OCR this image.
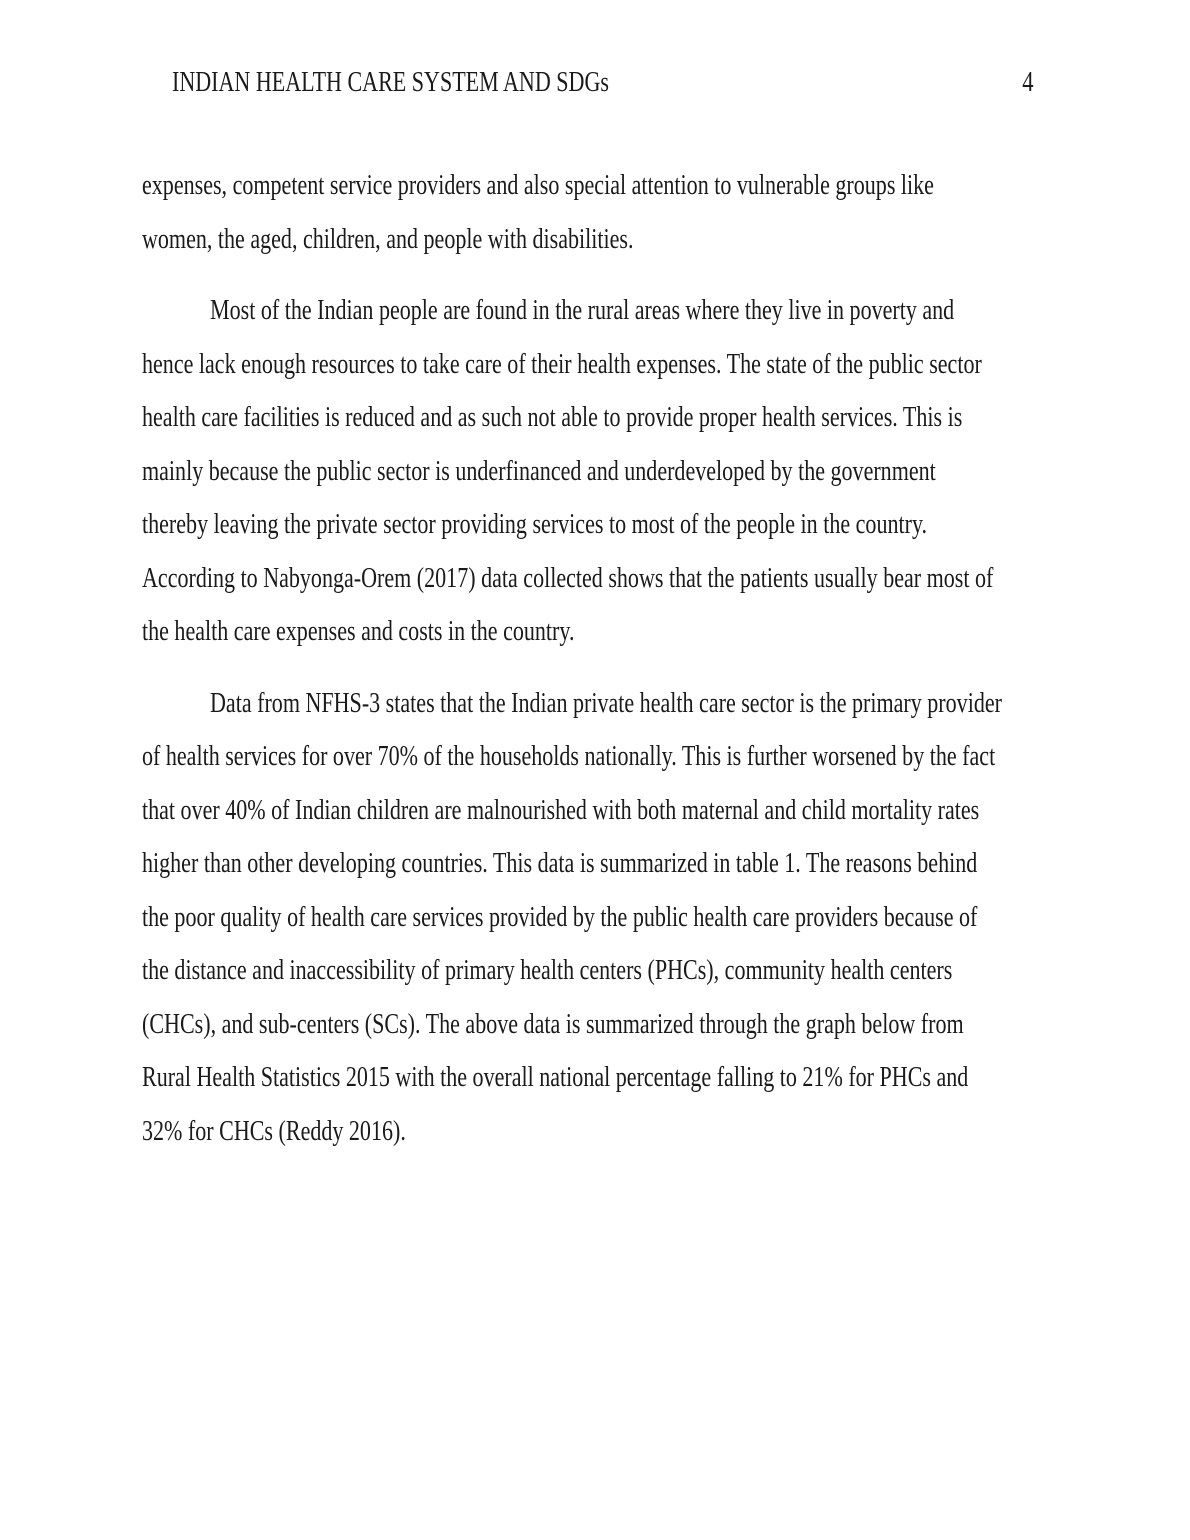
INDIAN HEALTH CARE SYSTEM AND SDGs	4
expenses, competent service providers and also special attention to vulnerable groups like
women, the aged, children, and people with disabilities.
Most of the Indian people are found in the rural areas where they live in poverty and
hence lack enough resources to take care of their health expenses. The state of the public sector
health care facilities is reduced and as such not able to provide proper health services. This is
mainly because the public sector is underfinanced and underdeveloped by the government
thereby leaving the private sector providing services to most of the people in the country.
According to Nabyonga-Orem (2017) data collected shows that the patients usually bear most of
the health care expenses and costs in the country.
Data from NFHS-3 states that the Indian private health care sector is the primary provider
of health services for over 70% of the households nationally. This is further worsened by the fact
that over 40% of Indian children are malnourished with both maternal and child mortality rates
higher than other developing countries. This data is summarized in table 1. The reasons behind
the poor quality of health care services provided by the public health care providers because of
the distance and inaccessibility of primary health centers (PHCs), community health centers
(CHCs), and sub-centers (SCs). The above data is summarized through the graph below from
Rural Health Statistics 2015 with the overall national percentage falling to 21% for PHCs and
32% for CHCs (Reddy 2016).
